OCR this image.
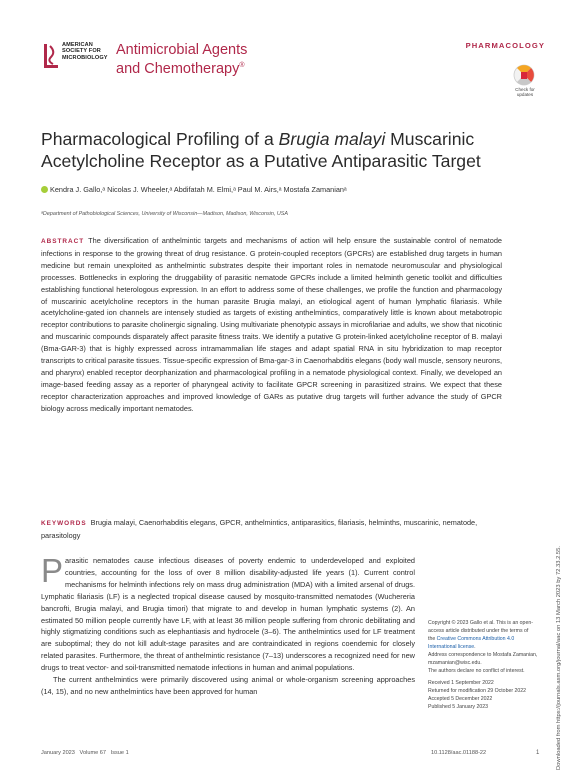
AMERICAN
SOCIETY FOR
MICROBIOLOGY Antimicrobial Agents
and Chemotherapy®
PHARMACOLOGY
Check for
updates
Pharmacological Profiling of a Brugia malayi Muscarinic Acetylcholine Receptor as a Putative Antiparasitic Target
Kendra J. Gallo,ᵃ Nicolas J. Wheeler,ᵃ Abdifatah M. Elmi,ᵃ Paul M. Airs,ᵃ Mostafa Zamanianᵃ
ᵃDepartment of Pathobiological Sciences, University of Wisconsin—Madison, Madison, Wisconsin, USA
ABSTRACT The diversification of anthelmintic targets and mechanisms of action will help ensure the sustainable control of nematode infections in response to the growing threat of drug resistance. G protein-coupled receptors (GPCRs) are established drug targets in human medicine but remain unexploited as anthelmintic substrates despite their important roles in nematode neuromuscular and physiological processes. Bottlenecks in exploring the druggability of parasitic nematode GPCRs include a limited helminth genetic toolkit and difficulties establishing functional heterologous expression. In an effort to address some of these challenges, we profile the function and pharmacology of muscarinic acetylcholine receptors in the human parasite Brugia malayi, an etiological agent of human lymphatic filariasis. While acetylcholine-gated ion channels are intensely studied as targets of existing anthelmintics, comparatively little is known about metabotropic receptor contributions to parasite cholinergic signaling. Using multivariate phenotypic assays in microfilariae and adults, we show that nicotinic and muscarinic compounds disparately affect parasite fitness traits. We identify a putative G protein-linked acetylcholine receptor of B. malayi (Bma-GAR-3) that is highly expressed across intramammalian life stages and adapt spatial RNA in situ hybridization to map receptor transcripts to critical parasite tissues. Tissue-specific expression of Bma-gar-3 in Caenorhabditis elegans (body wall muscle, sensory neurons, and pharynx) enabled receptor deorphanization and pharmacological profiling in a nematode physiological context. Finally, we developed an image-based feeding assay as a reporter of pharyngeal activity to facilitate GPCR screening in parasitized strains. We expect that these receptor characterization approaches and improved knowledge of GARs as putative drug targets will further advance the study of GPCR biology across medically important nematodes.
KEYWORDS Brugia malayi, Caenorhabditis elegans, GPCR, anthelmintics, antiparasitics, filariasis, helminths, muscarinic, nematode, parasitology

Parasitic nematodes cause infectious diseases of poverty endemic to underdeveloped and exploited countries, accounting for the loss of over 8 million disability-adjusted life years (1). Current control mechanisms for helminth infections rely on mass drug administration (MDA) with a limited arsenal of drugs. Lymphatic filariasis (LF) is a neglected tropical disease caused by mosquito-transmitted nematodes (Wuchereria bancrofti, Brugia malayi, and Brugia timori) that migrate to and develop in human lymphatic systems (2). An estimated 50 million people currently have LF, with at least 36 million people suffering from chronic debilitating and highly stigmatizing conditions such as elephantiasis and hydrocele (3–6). The anthelmintics used for LF treatment are suboptimal; they do not kill adult-stage parasites and are contraindicated in regions coendemic for closely related parasites. Furthermore, the threat of anthelmintic resistance (7–13) underscores a recognized need for new drugs to treat vector- and soil-transmitted nematode infections in human and animal populations.

The current anthelmintics were primarily discovered using animal or whole-organism screening approaches (14, 15), and no new anthelmintics have been approved for human

Copyright © 2023 Gallo et al. This is an open-
access article distributed under the terms of
the Creative Commons Attribution 4.0
International license.
Address correspondence to Mostafa Zamanian,
mzamanian@wisc.edu.
The authors declare no conflict of interest.
Received 1 September 2022
Returned for modification 29 October 2022
Accepted 5 December 2022
Published 5 January 2023
January 2023   Volume 67   Issue 1	10.1128/aac.01188-22	1	Downloaded from https://journals.asm.org/journal/aac on 13 March 2023 by 72.33.2.55.
